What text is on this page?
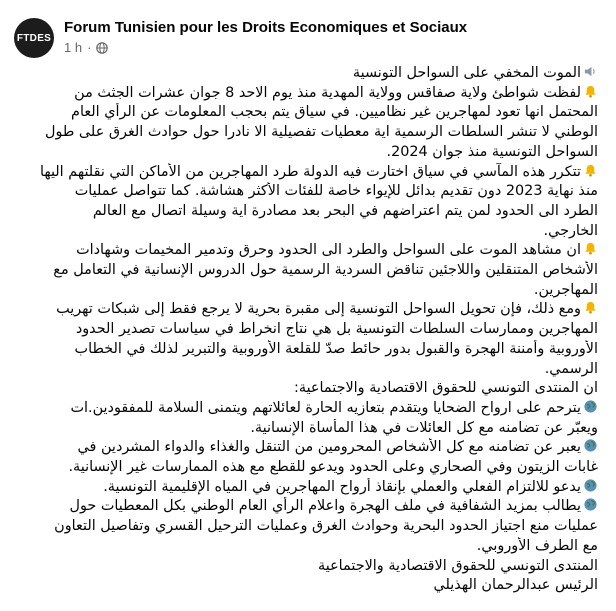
FTDES
Forum Tunisien pour les Droits Economiques et Sociaux
1 h ·
الموت المخفي على السواحل التونسية
لفظت شواطئ ولاية صفاقس وولاية المهدية منذ يوم الاحد 8 جوان عشرات الجثث من
المحتمل انها تعود لمهاجرين غير نظاميين. في سياق يتم بحجب المعلومات عن الرأي العام
الوطني لا تنشر السلطات الرسمية اية معطيات تفصيلية الا نادرا حول حوادث الغرق على طول
السواحل التونسية منذ جوان 2024.
تتكرر هذه المآسي في سياق اختارت فيه الدولة طرد المهاجرين من الأماكن التي نقلتهم اليها
منذ نهاية 2023 دون تقديم بدائل للإيواء خاصة للفئات الأكثر هشاشة. كما تتواصل عمليات
الطرد الى الحدود لمن يتم اعتراضهم في البحر بعد مصادرة اية وسيلة اتصال مع العالم
الخارجي.
ان مشاهد الموت على السواحل والطرد الى الحدود وحرق وتدمير المخيمات وشهادات
الأشخاص المتنقلين واللاجئين تناقض السردية الرسمية حول الدروس الإنسانية في التعامل مع
المهاجرين.
ومع ذلك، فإن تحويل السواحل التونسية إلى مقبرة بحرية لا يرجع فقط إلى شبكات تهريب
المهاجرين وممارسات السلطات التونسية بل هي نتاج انخراط في سياسات تصدير الحدود
الأوروبية وأمننة الهجرة والقبول بدور حائط صدّ للقلعة الأوروبية والتبرير لذلك في الخطاب
الرسمي.
ان المنتدى التونسي للحقوق الاقتصادية والاجتماعية:
يترحم على ارواح الضحايا ويتقدم بتعازيه الحارة لعائلاتهم ويتمنى السلامة للمفقودين.ات
ويعبّر عن تضامنه مع كل العائلات في هذا المأساة الإنسانية.
يعبر عن تضامنه مع كل الأشخاص المحرومين من التنقل والغذاء والدواء المشردين في
غابات الزيتون وفي الصحاري وعلى الحدود ويدعو للقطع مع هذه الممارسات غير الإنسانية.
يدعو للالتزام الفعلي والعملي بإنقاذ أرواح المهاجرين في المياه الإقليمية التونسية.
يطالب بمزيد الشفافية في ملف الهجرة واعلام الرأي العام الوطني بكل المعطيات حول
عمليات منع اجتياز الحدود البحرية وحوادث الغرق وعمليات الترحيل القسري وتفاصيل التعاون
مع الطرف الأوروبي.
المنتدى التونسي للحقوق الاقتصادية والاجتماعية
الرئيس عبدالرحمان الهذيلي
